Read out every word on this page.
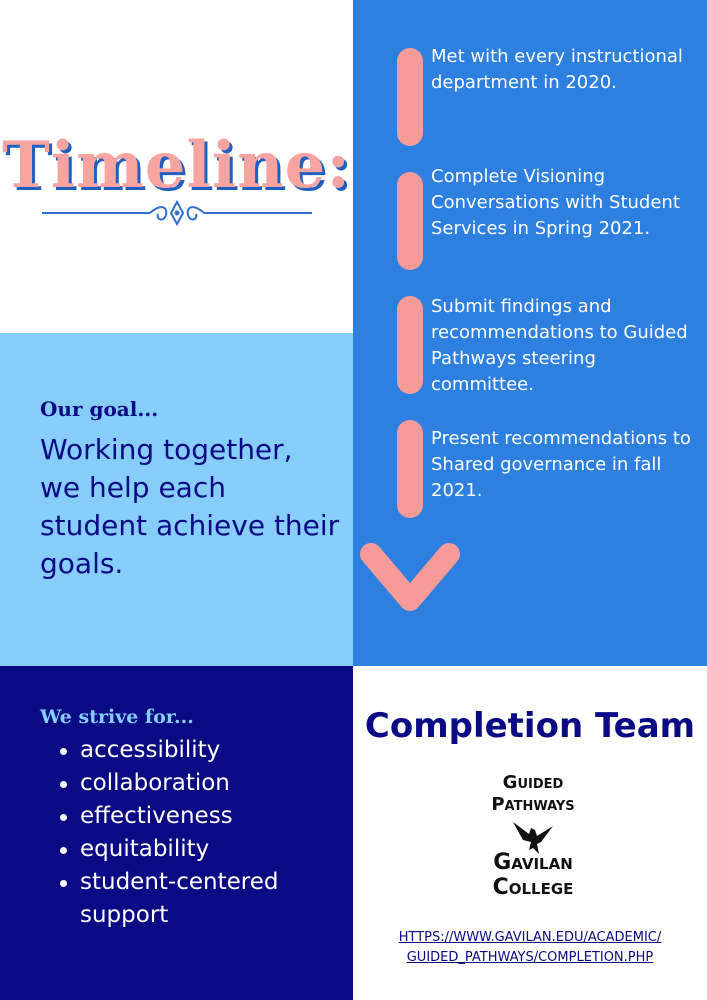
Timeline:
Our goal...
Working together, we help each student achieve their goals.
Met with every instructional department in 2020.
Complete Visioning Conversations with Student Services in Spring 2021.
Submit findings and recommendations to Guided Pathways steering committee.
Present recommendations to Shared governance in fall 2021.
We strive for...
accessibility
collaboration
effectiveness
equitability
student-centered support
Completion Team
Guided Pathways
Gavilan College
HTTPS://WWW.GAVILAN.EDU/ACADEMIC/
GUIDED_PATHWAYS/COMPLETION.PHP
